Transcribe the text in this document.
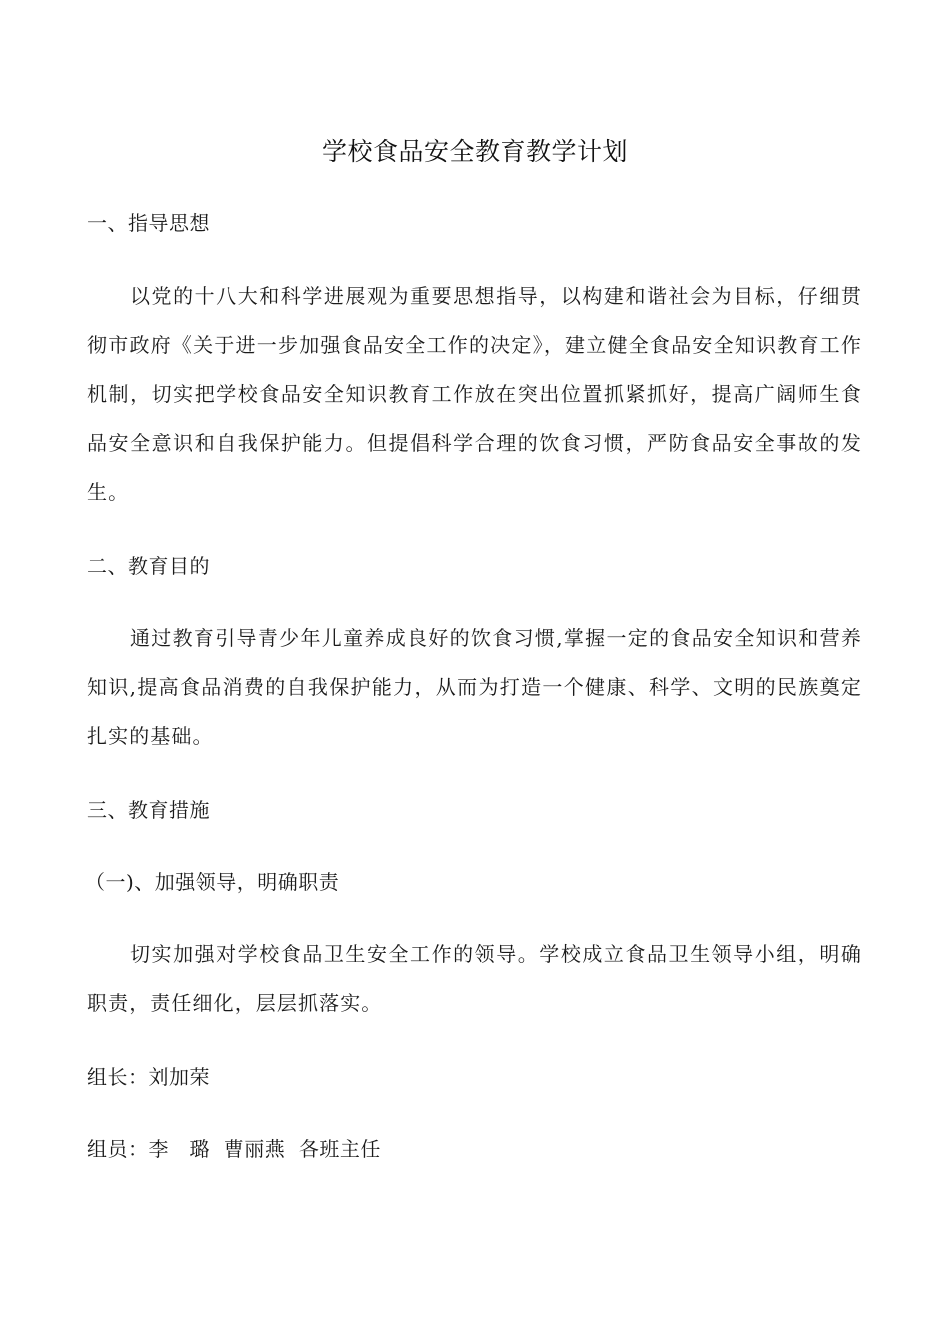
学校食品安全教育教学计划
一、指导思想
以党的十八大和科学进展观为重要思想指导，以构建和谐社会为目标，仔细贯彻市政府《关于进一步加强食品安全工作的决定》，建立健全食品安全知识教育工作机制，切实把学校食品安全知识教育工作放在突出位置抓紧抓好，提高广阔师生食品安全意识和自我保护能力。但提倡科学合理的饮食习惯，严防食品安全事故的发生。
二、教育目的
通过教育引导青少年儿童养成良好的饮食习惯,掌握一定的食品安全知识和营养知识,提高食品消费的自我保护能力，从而为打造一个健康、科学、文明的民族奠定扎实的基础。
三、教育措施
（一)、加强领导，明确职责
切实加强对学校食品卫生安全工作的领导。学校成立食品卫生领导小组，明确职责，责任细化，层层抓落实。
组长：刘加荣
组员：李　璐  曹丽燕  各班主任
